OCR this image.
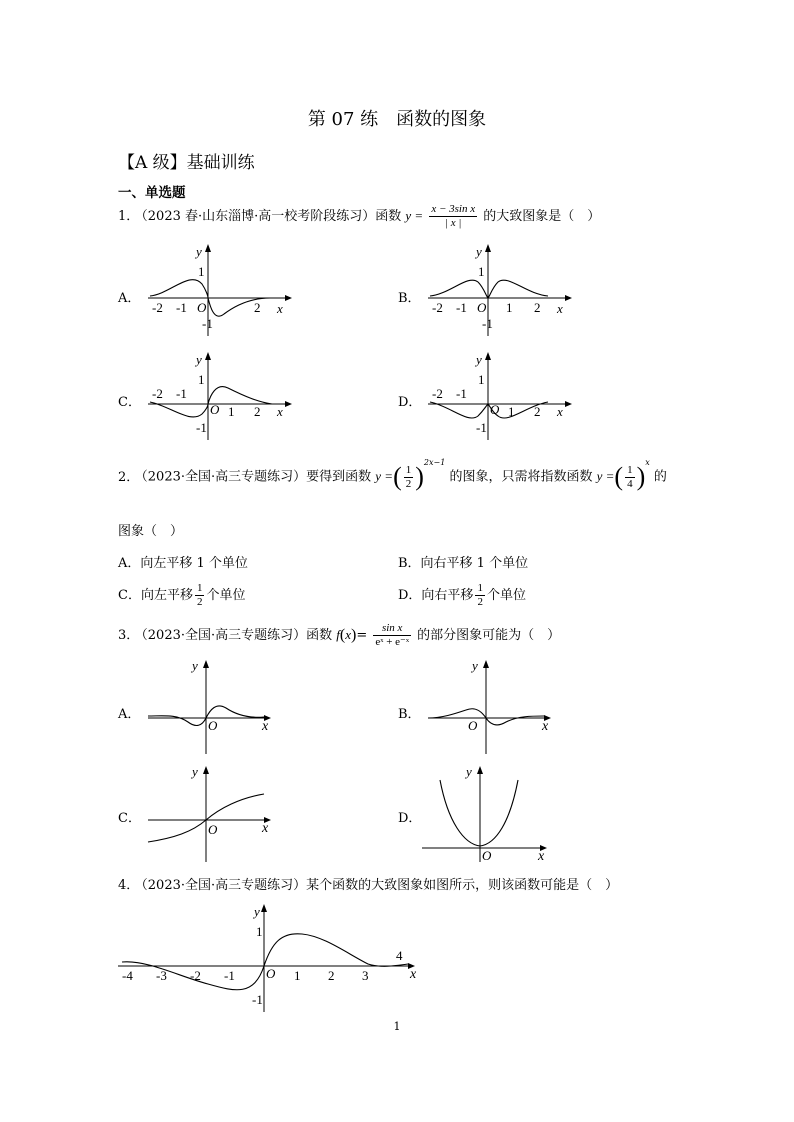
第 07 练　函数的图象
【A 级】基础训练
一、单选题
1． （2023 春·山东淄博·高一校考阶段练习）函数 $y = \frac{\text{x − 3sin x}}{| x |}$ 的大致图象是（　）
A．	B．
C．	D．
y
1
O
-1
-2 -1	2 x
y
1
O
-1
-2 -1	1 2 x
y
1
O
-1
-2 -1
1 2 x
y
1
O
-1
-2 -1
1 2 x
2． （2023·全国·高三专题练习）要得到函数 y =( $\frac{1}{2} )^{2x-1}$ 的图象，只需将指数函数 y =( $\frac{1}{4} )^x$ 的
图象（　）
A．向左平移 1 个单位	B．向右平移 1 个单位
C．向左平移 $\frac{1}{2}$ 个单位	D．向右平移 $\frac{1}{2}$ 个单位
3． （2023·全国·高三专题练习）函数 $f(x)= \frac{\text{sin x}}{\text{eˣ + e⁻ˣ}}$ 的部分图象可能为（　）
A．	B．
C．	D．
y
O	x
y
O	x
y
O	x
y
O	x
4． （2023·全国·高三专题练习）某个函数的大致图象如图所示，则该函数可能是（　）
y
1
O
-1
-4 -3 -2 -1	1 2 3
4
x
1
